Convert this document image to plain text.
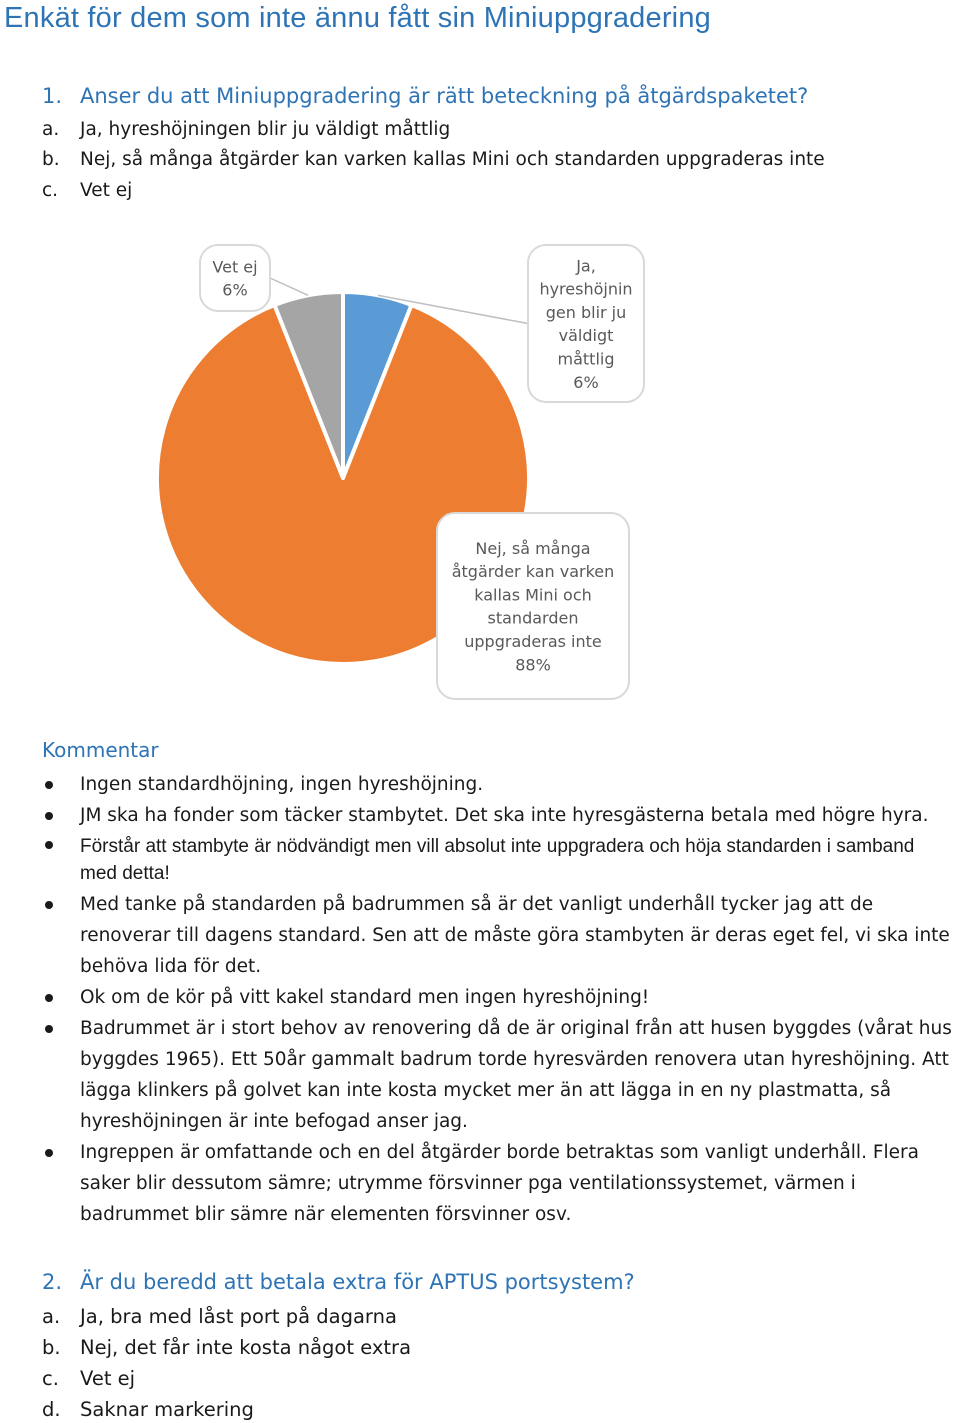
Enkät för dem som inte ännu fått sin Miniuppgradering
1. Anser du att Miniuppgradering är rätt beteckning på åtgärdspaketet?
a. Ja, hyreshöjningen blir ju väldigt måttlig
b. Nej, så många åtgärder kan varken kallas Mini och standarden uppgraderas inte
c. Vet ej
Ja,
hyreshöjnin
gen blir ju
väldigt
måttlig
6%
Nej, så många
åtgärder kan varken
kallas Mini och
standarden
uppgraderas inte
88%
Vet ej
6%
Kommentar
Ingen standardhöjning, ingen hyreshöjning.
JM ska ha fonder som täcker stambytet. Det ska inte hyresgästerna betala med högre hyra.
Förstår att stambyte är nödvändigt men vill absolut inte uppgradera och höja standarden i samband med detta!
Med tanke på standarden på badrummen så är det vanligt underhåll tycker jag att de renoverar till dagens standard. Sen att de måste göra stambyten är deras eget fel, vi ska inte behöva lida för det.
Ok om de kör på vitt kakel standard men ingen hyreshöjning!
Badrummet är i stort behov av renovering då de är original från att husen byggdes (vårat hus byggdes 1965). Ett 50år gammalt badrum torde hyresvärden renovera utan hyreshöjning. Att lägga klinkers på golvet kan inte kosta mycket mer än att lägga in en ny plastmatta, så hyreshöjningen är inte befogad anser jag.
Ingreppen är omfattande och en del åtgärder borde betraktas som vanligt underhåll. Flera saker blir dessutom sämre; utrymme försvinner pga ventilationssystemet, värmen i badrummet blir sämre när elementen försvinner osv.
2. Är du beredd att betala extra för APTUS portsystem?
a. Ja, bra med låst port på dagarna
b. Nej, det får inte kosta något extra
c. Vet ej
d. Saknar markering
